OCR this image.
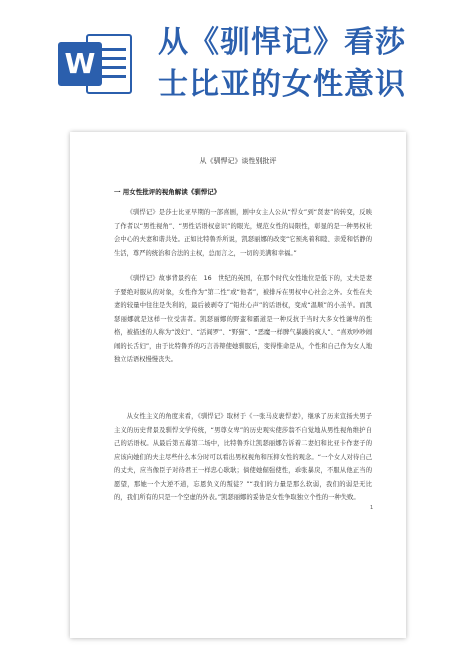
W
从《驯悍记》看莎
士比亚的女性意识
从《驯悍记》谈性别批评
一 用女性批评的视角解读《驯悍记》

《驯悍记》是莎士比亚早期的一部喜剧，剧中女主人公从“悍女”到“贤妻”的转变，反映了作者以“男性视角”、“男性话语权意识”的眼光，规范女性的局限性，彰显的是一种男权社会中心的夫妻和谐共处。正如比特鲁乔所说，凯瑟丽娜的改变“它预兆着和睦、亲爱和恬静的生活，尊严的统治和合法的主权，总而言之，一切的美满和幸福。”

《驯悍记》故事背景约在　16　世纪的英国，在那个时代女性地位是低下的，丈夫是妻子要绝对服从的对象，女性作为“第二性”或“他者”，被排斥在男权中心社会之外。女性在夫妻的较量中往往是失利的，最后被剥夺了“铅灶心声”的话语权，变成“温顺”的小羔羊。而凯瑟丽娜就是这样一位受害者。凯瑟丽娜的野蛮和霸道是一种反抗于当时大多女性谦卑的性格，被描述的人称为“泼妇”、“活阎罗”、“野猫”、“恶魔一样脾气暴躁的疯人”、“喜欢吵吵闹闹的长舌妇”，由于比特鲁乔的巧言善辩使她驯服后，变得惟命是从，个性和自己作为女人地独立话语权慢慢丧失。

从女性主义的角度来看，《驯悍记》取材于《一张马皮裹悍妻》，继承了历来宣扬夫男子主义的历史背景及驯悍文学传统，“男尊女卑”的历史观实使莎翁不自觉地从男性视角维护自己的话语权。从最后第五幕第二场中，比特鲁乔让凯瑟丽娜告诉着二妻妇和比亚卡作妻子的应该向她们的夫主尽些什么本分时可以看出男权视角和压抑女性的观念。“一个女人对待自己的丈夫，应当像臣子对待君王一样忠心耿耿；倘使她倔强使性，乖张暴戾，不服从他正当的愿望，那她一个大逆不道，忘恩负义的叛徒？”“我们的力量是那么软弱，我们的弱是无比的，我们所有的只是一个空虚的外表。”凯瑟丽娜的妥协是女性争取独立个性的一种失败。

1
